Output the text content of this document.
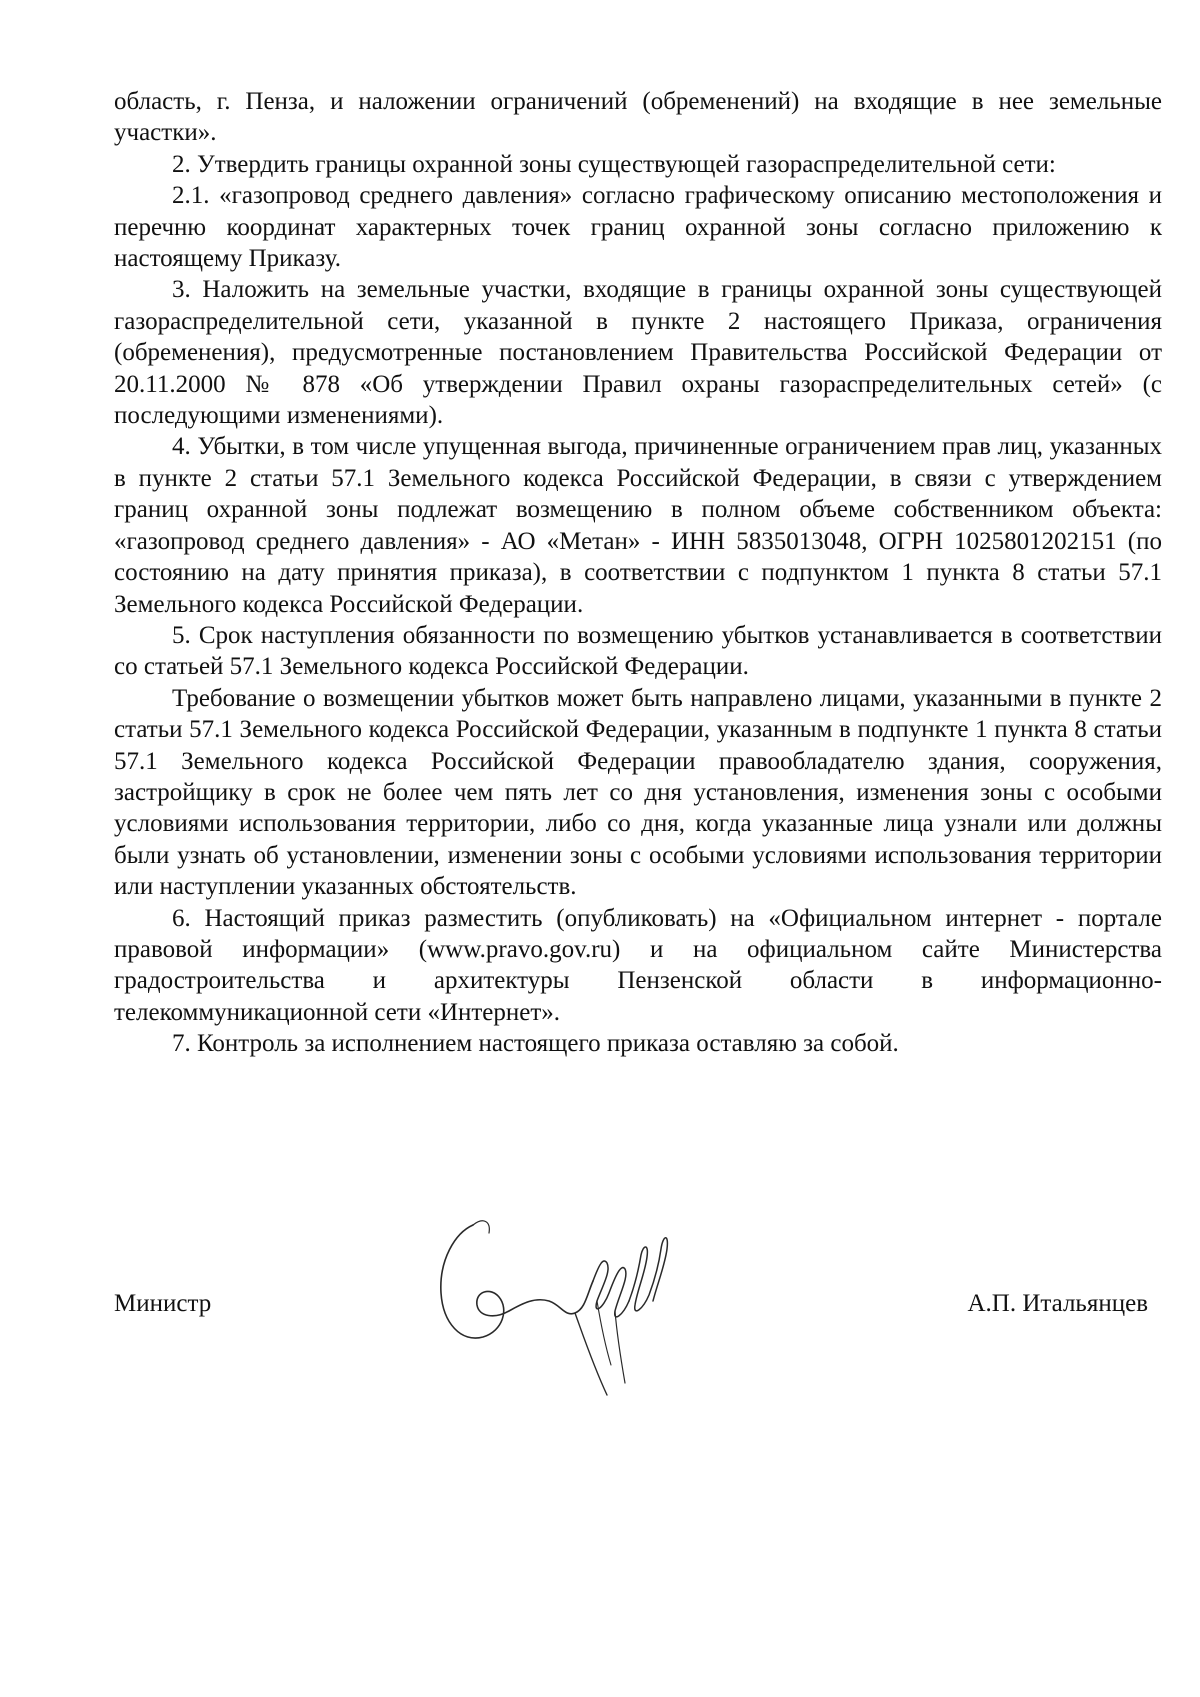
область, г. Пенза, и наложении ограничений (обременений) на входящие в нее земельные участки».

2. Утвердить границы охранной зоны существующей газораспределительной сети:

2.1. «газопровод среднего давления» согласно графическому описанию местоположения и перечню координат характерных точек границ охранной зоны согласно приложению к настоящему Приказу.

3. Наложить на земельные участки, входящие в границы охранной зоны существующей газораспределительной сети, указанной в пункте 2 настоящего Приказа, ограничения (обременения), предусмотренные постановлением Правительства Российской Федерации от 20.11.2000 № 878 «Об утверждении Правил охраны газораспределительных сетей» (с последующими изменениями).

4. Убытки, в том числе упущенная выгода, причиненные ограничением прав лиц, указанных в пункте 2 статьи 57.1 Земельного кодекса Российской Федерации, в связи с утверждением границ охранной зоны подлежат возмещению в полном объеме собственником объекта: «газопровод среднего давления» - АО «Метан» - ИНН 5835013048, ОГРН 1025801202151 (по состоянию на дату принятия приказа), в соответствии с подпунктом 1 пункта 8 статьи 57.1 Земельного кодекса Российской Федерации.

5. Срок наступления обязанности по возмещению убытков устанавливается в соответствии со статьей 57.1 Земельного кодекса Российской Федерации.

Требование о возмещении убытков может быть направлено лицами, указанными в пункте 2 статьи 57.1 Земельного кодекса Российской Федерации, указанным в подпункте 1 пункта 8 статьи 57.1 Земельного кодекса Российской Федерации правообладателю здания, сооружения, застройщику в срок не более чем пять лет со дня установления, изменения зоны с особыми условиями использования территории, либо со дня, когда указанные лица узнали или должны были узнать об установлении, изменении зоны с особыми условиями использования территории или наступлении указанных обстоятельств.

6. Настоящий приказ разместить (опубликовать) на «Официальном интернет - портале правовой информации» (www.pravo.gov.ru) и на официальном сайте Министерства градостроительства и архитектуры Пензенской области в информационно-телекоммуникационной сети «Интернет».

7. Контроль за исполнением настоящего приказа оставляю за собой.

Министр	А.П. Итальянцев
